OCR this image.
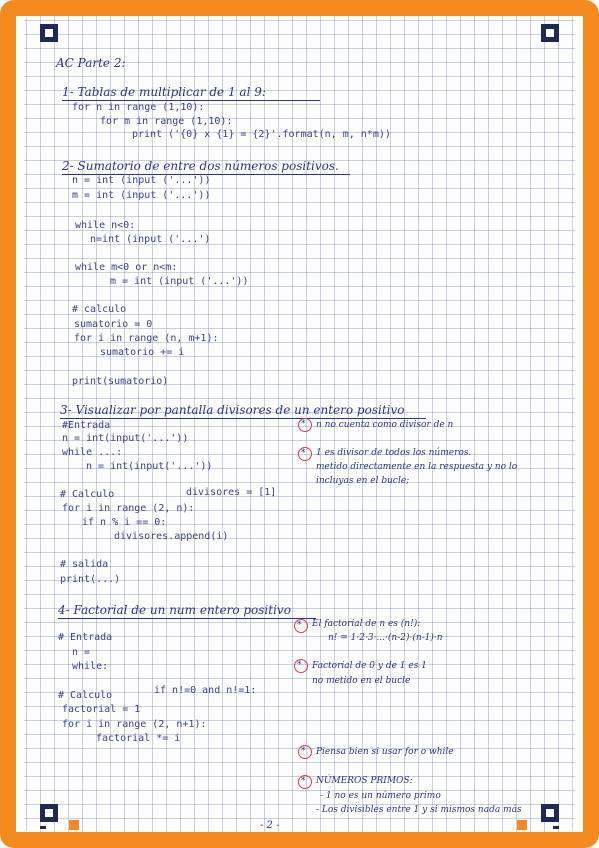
AC Parte 2:
1- Tablas de multiplicar de 1 al 9:
for n in range (1,10):
for m in range (1,10):
print ('{0} x {1} = {2}'.format(n, m, n*m))
2- Sumatorio de entre dos números positivos.
n = int (input ('...'))
m = int (input ('...'))
while n<0:
n=int (input ('...')
while m<0 or n<m:
m = int (input ('...'))
# calculo
sumatorio = 0
for i in range (n, m+1):
sumatorio += i
print(sumatorio)
3- Visualizar por pantalla divisores de un entero positivo
#Entrada
n = int(input('...'))
while ...:
n = int(input('...'))
# Calculo	divisores = [1]
for i in range (2, n):
if n % i == 0:
divisores.append(i)
# salida
print(...)
* n no cuenta como divisor de n
* 1 es divisor de todos los números.
metido directamente en la respuesta y no lo
incluyas en el bucle;
4- Factorial de un num entero positivo
# Entrada
n =
while:
# Calculo	if n!=0 and n!=1:
factorial = 1
for i in range (2, n+1):
factorial *= i
* El factorial de n es (n!):
n! = 1·2·3·...·(n-2)·(n-1)·n
* Factorial de 0 y de 1 es 1
no metido en el bucle
* Piensa bien si usar for o while
* NÚMEROS PRIMOS:
- 1 no es un número primo
- Los divisibles entre 1 y si mismos nada más
- 2 -
